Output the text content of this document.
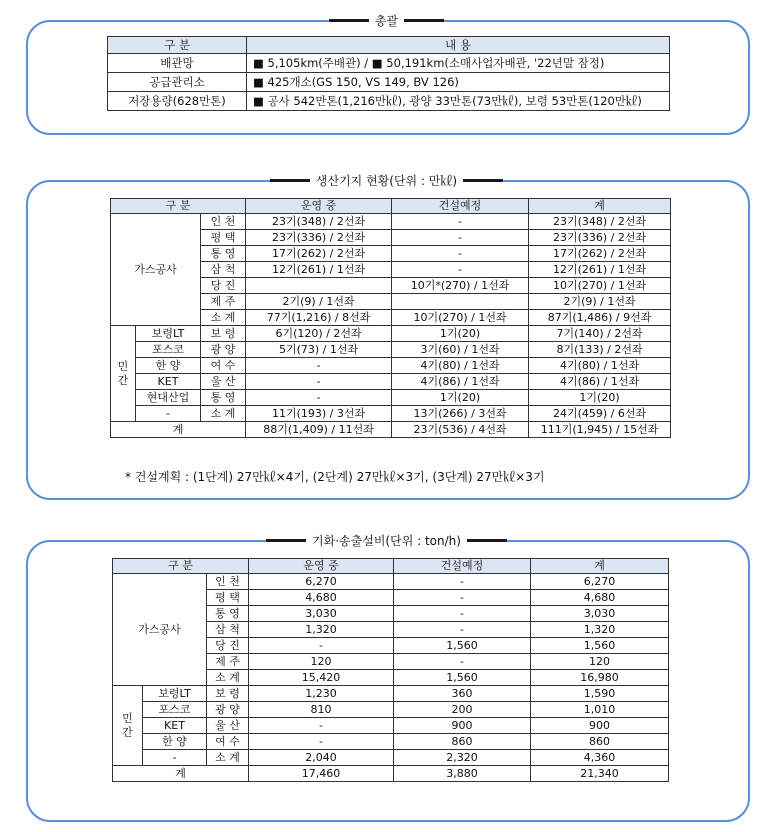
총괄
구 분	내 용
배관망	■ 5,105km(주배관) / ■ 50,191km(소매사업자배관, '22년말 잠정)
공급관리소	■ 425개소(GS 150, VS 149, BV 126)
저장용량(628만톤)	■ 공사 542만톤(1,216만㎘), 광양 33만톤(73만㎘), 보령 53만톤(120만㎘)
생산기지 현황(단위 : 만㎘)
구 분			운영 중	건설예정	계
가스공사		인 천	23기(348) / 2선좌	-	23기(348) / 2선좌
		평 택	23기(336) / 2선좌	-	23기(336) / 2선좌
		통 영	17기(262) / 2선좌	-	17기(262) / 2선좌
		삼 척	12기(261) / 1선좌	-	12기(261) / 1선좌
		당 진		10기*(270) / 1선좌	10기(270) / 1선좌
		제 주	2기(9) / 1선좌		2기(9) / 1선좌
		소 계	77기(1,216) / 8선좌	10기(270) / 1선좌	87기(1,486) / 9선좌

민
간	보령LT	보 령	6기(120) / 2선좌	1기(20)	7기(140) / 2선좌
	포스코	광 양	5기(73) / 1선좌	3기(60) / 1선좌	8기(133) / 2선좌
	한 양	여 수	-	4기(80) / 1선좌	4기(80) / 1선좌
	KET	울 산	-	4기(86) / 1선좌	4기(86) / 1선좌
	현대산업	통 영	-	1기(20)	1기(20)
	-	소 계	11기(193) / 3선좌	13기(266) / 3선좌	24기(459) / 6선좌
계			88기(1,409) / 11선좌	23기(536) / 4선좌	111기(1,945) / 15선좌
* 건설계획 : (1단계) 27만㎘×4기, (2단계) 27만㎘×3기, (3단계) 27만㎘×3기
기화·송출설비(단위 : ton/h)
구 분			운영 중	건설예정	계
가스공사		인 천	6,270	-	6,270
		평 택	4,680	-	4,680
		통 영	3,030	-	3,030
		삼 척	1,320	-	1,320
		당 진	-	1,560	1,560
		제 주	120	-	120
		소 계	15,420	1,560	16,980

민
간	보령LT	보 령	1,230	360	1,590
	포스코	광 양	810	200	1,010
	KET	울 산	-	900	900
	한 양	여 수	-	860	860
	-	소 계	2,040	2,320	4,360
계			17,460	3,880	21,340
